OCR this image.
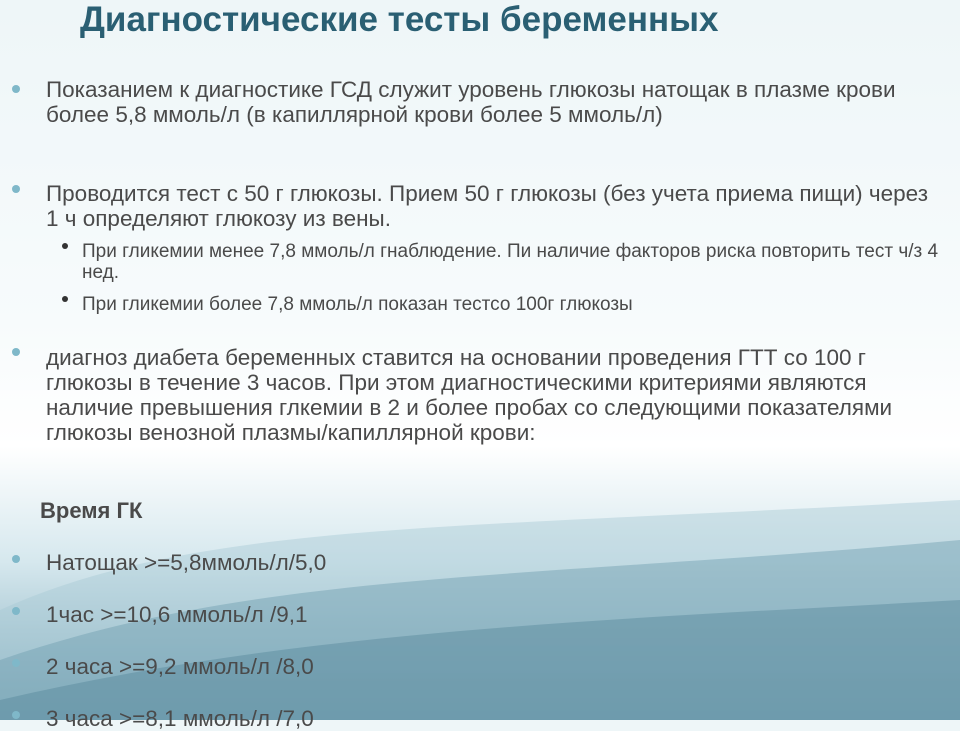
Диагностические тесты беременных

Показанием к диагностике ГСД служит уровень глюкозы натощак в плазме крови более 5,8 ммоль/л (в капиллярной крови более 5 ммоль/л)

Проводится тест с 50 г глюкозы. Прием 50 г глюкозы (без учета приема пищи) через 1 ч определяют глюкозу из вены.

При гликемии менее 7,8 ммоль/л гнаблюдение. Пи наличие факторов риска повторить тест ч/з 4 нед.
При гликемии более 7,8 ммоль/л показан тестсо 100г глюкозы

диагноз диабета беременных ставится на основании проведения ГТТ со 100 г глюкозы в течение 3 часов. При этом диагностическими критериями являются наличие превышения глкемии в 2 и более пробах со следующими показателями глюкозы венозной плазмы/капиллярной крови:

Время ГК

Натощак >=5,8ммоль/л/5,0

1час >=10,6 ммоль/л /9,1

2 часа >=9,2 ммоль/л /8,0

3 часа >=8,1 ммоль/л /7,0
